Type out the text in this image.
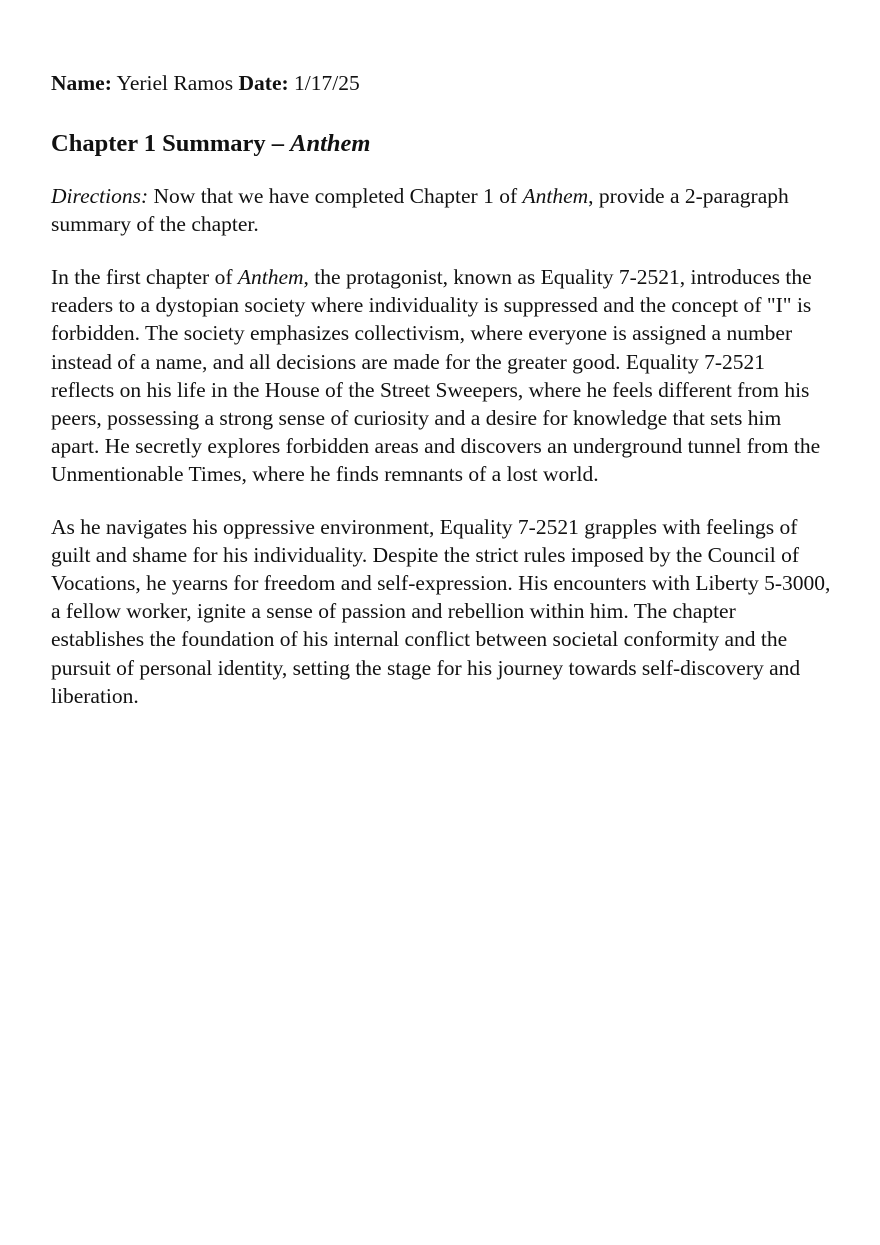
Name: Yeriel Ramos Date: 1/17/25

Chapter 1 Summary – Anthem

Directions: Now that we have completed Chapter 1 of Anthem, provide a 2-paragraph summary of the chapter.

In the first chapter of Anthem, the protagonist, known as Equality 7-2521, introduces the readers to a dystopian society where individuality is suppressed and the concept of "I" is forbidden. The society emphasizes collectivism, where everyone is assigned a number instead of a name, and all decisions are made for the greater good. Equality 7-2521 reflects on his life in the House of the Street Sweepers, where he feels different from his peers, possessing a strong sense of curiosity and a desire for knowledge that sets him apart. He secretly explores forbidden areas and discovers an underground tunnel from the Unmentionable Times, where he finds remnants of a lost world.

As he navigates his oppressive environment, Equality 7-2521 grapples with feelings of guilt and shame for his individuality. Despite the strict rules imposed by the Council of Vocations, he yearns for freedom and self-expression. His encounters with Liberty 5-3000, a fellow worker, ignite a sense of passion and rebellion within him. The chapter establishes the foundation of his internal conflict between societal conformity and the pursuit of personal identity, setting the stage for his journey towards self-discovery and liberation.
